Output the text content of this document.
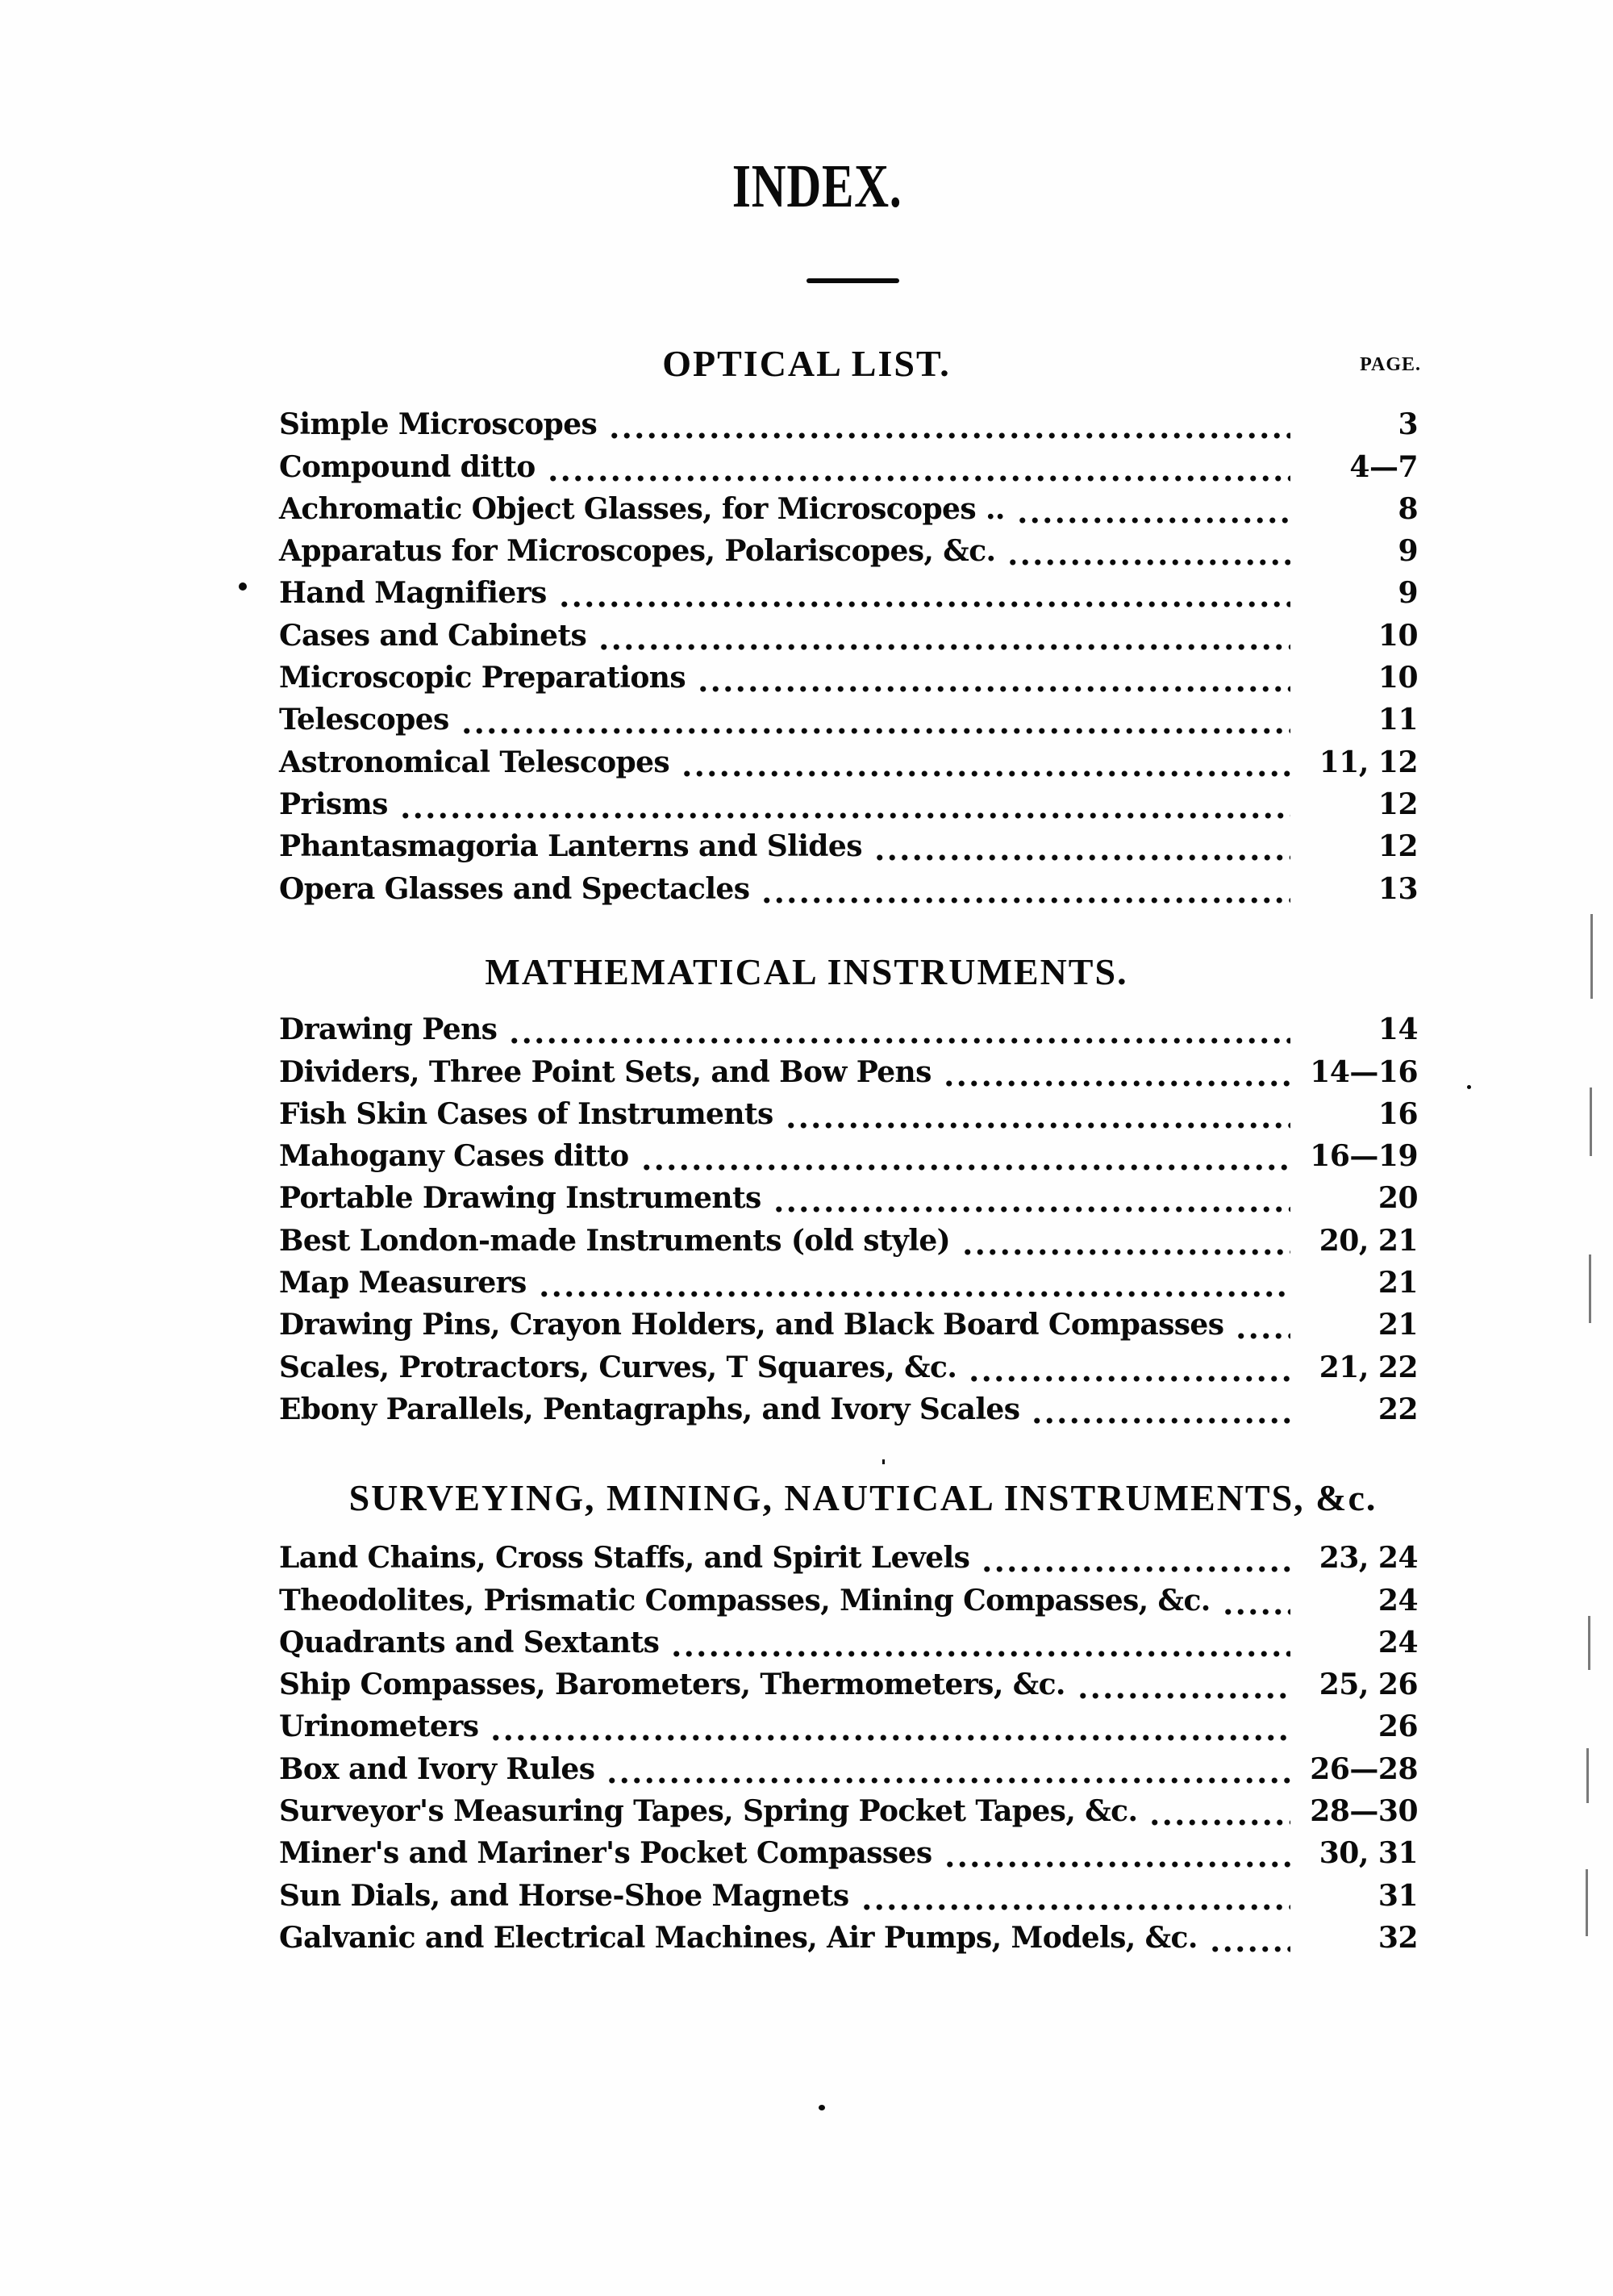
INDEX.
OPTICAL LIST.	PAGE.
Simple Microscopes	3
Compound ditto	4—7
Achromatic Object Glasses, for Microscopes ..	8
Apparatus for Microscopes, Polariscopes, &c.	9
Hand Magnifiers	9
Cases and Cabinets	10
Microscopic Preparations	10
Telescopes	11
Astronomical Telescopes	11, 12
Prisms	12
Phantasmagoria Lanterns and Slides	12
Opera Glasses and Spectacles	13
MATHEMATICAL INSTRUMENTS.
Drawing Pens	14
Dividers, Three Point Sets, and Bow Pens	14—16
Fish Skin Cases of Instruments	16
Mahogany Cases ditto	16—19
Portable Drawing Instruments	20
Best London-made Instruments (old style)	20, 21
Map Measurers	21
Drawing Pins, Crayon Holders, and Black Board Compasses	21
Scales, Protractors, Curves, T Squares, &c.	21, 22
Ebony Parallels, Pentagraphs, and Ivory Scales	22
SURVEYING, MINING, NAUTICAL INSTRUMENTS, &c.
Land Chains, Cross Staffs, and Spirit Levels	23, 24
Theodolites, Prismatic Compasses, Mining Compasses, &c.	24
Quadrants and Sextants	24
Ship Compasses, Barometers, Thermometers, &c.	25, 26
Urinometers	26
Box and Ivory Rules	26—28
Surveyor's Measuring Tapes, Spring Pocket Tapes, &c.	28—30
Miner's and Mariner's Pocket Compasses	30, 31
Sun Dials, and Horse-Shoe Magnets	31
Galvanic and Electrical Machines, Air Pumps, Models, &c.	32
